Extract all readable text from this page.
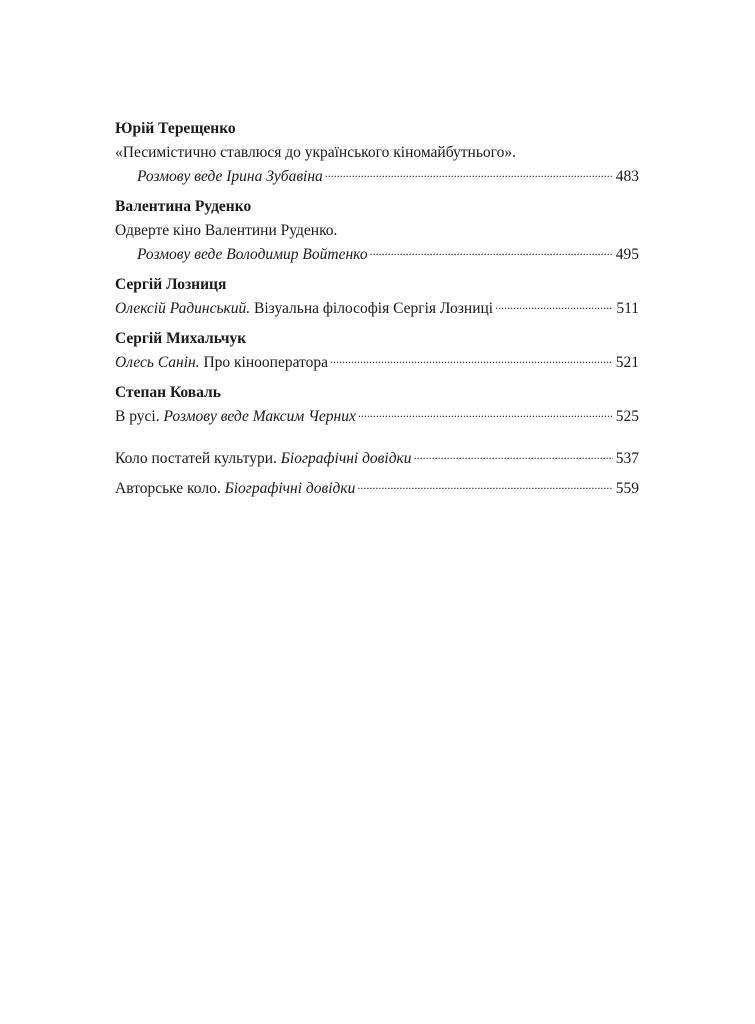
Юрій Терещенко
«Песимістично ставлюся до українського кіномайбутнього».
Розмову веде Ірина Зубавіна .....	483
Валентина Руденко
Одверте кіно Валентини Руденко.
Розмову веде Володимир Войтенко .....	495
Сергій Лозниця
Олексій Радинський. Візуальна філософія Сергія Лозниці .....	511
Сергій Михальчук
Олесь Санін. Про кінооператора .....	521
Степан Коваль
В русі. Розмову веде Максим Черних .....	525
Коло постатей культури. Біографічні довідки .....	537
Авторське коло. Біографічні довідки .....	559
